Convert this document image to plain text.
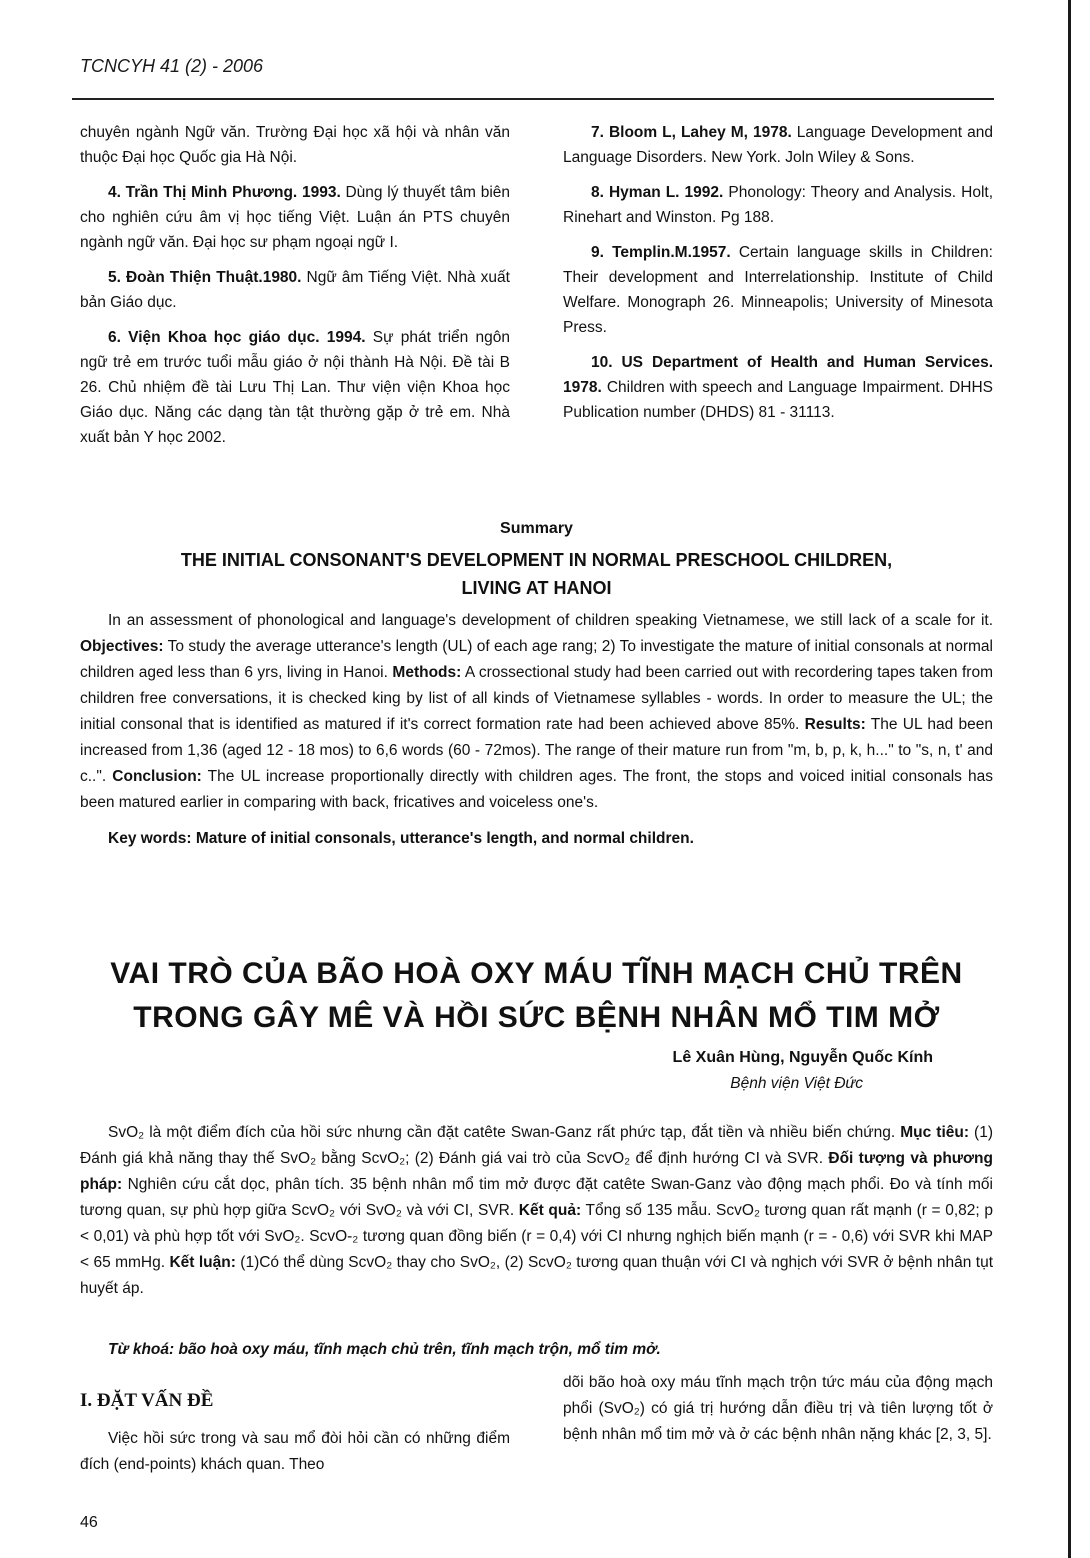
TCNCYH 41 (2) - 2006

chuyên ngành Ngữ văn. Trường Đại học xã hội và nhân văn thuộc Đại học Quốc gia Hà Nội.

4. Trần Thị Minh Phương. 1993. Dùng lý thuyết tâm biên cho nghiên cứu âm vị học tiếng Việt. Luận án PTS chuyên ngành ngữ văn. Đại học sư phạm ngoại ngữ I.

5. Đoàn Thiện Thuật.1980. Ngữ âm Tiếng Việt. Nhà xuất bản Giáo dục.

6. Viện Khoa học giáo dục. 1994. Sự phát triển ngôn ngữ trẻ em trước tuổi mẫu giáo ở nội thành Hà Nội. Đề tài B 26. Chủ nhiệm đề tài Lưu Thị Lan. Thư viện viện Khoa học Giáo dục. Năng các dạng tàn tật thường gặp ở trẻ em. Nhà xuất bản Y học 2002.

7. Bloom L, Lahey M, 1978. Language Development and Language Disorders. New York. Joln Wiley & Sons.

8. Hyman L. 1992. Phonology: Theory and Analysis. Holt, Rinehart and Winston. Pg 188.

9. Templin.M.1957. Certain language skills in Children: Their development and Interrelationship. Institute of Child Welfare. Monograph 26. Minneapolis; University of Minesota Press.

10. US Department of Health and Human Services. 1978. Children with speech and Language Impairment. DHHS Publication number (DHDS) 81 - 31113.

Summary
THE INITIAL CONSONANT'S DEVELOPMENT IN NORMAL PRESCHOOL CHILDREN,
LIVING AT HANOI

In an assessment of phonological and language's development of children speaking Vietnamese, we still lack of a scale for it. Objectives: To study the average utterance's length (UL) of each age rang; 2) To investigate the mature of initial consonals at normal children aged less than 6 yrs, living in Hanoi. Methods: A crossectional study had been carried out with recordering tapes taken from children free conversations, it is checked king by list of all kinds of Vietnamese syllables - words. In order to measure the UL; the initial consonal that is identified as matured if it's correct formation rate had been achieved above 85%. Results: The UL had been increased from 1,36 (aged 12 - 18 mos) to 6,6 words (60 - 72mos). The range of their mature run from "m, b, p, k, h..." to "s, n, t' and c..". Conclusion: The UL increase proportionally directly with children ages. The front, the stops and voiced initial consonals has been matured earlier in comparing with back, fricatives and voiceless one's.

Key words: Mature of initial consonals, utterance's length, and normal children.

VAI TRÒ CỦA BÃO HOÀ OXY MÁU TĨNH MẠCH CHỦ TRÊN
TRONG GÂY MÊ VÀ HỒI SỨC BỆNH NHÂN MỔ TIM MỞ
Lê Xuân Hùng, Nguyễn Quốc Kính
Bệnh viện Việt Đức

SvO₂ là một điểm đích của hồi sức nhưng cần đặt catête Swan-Ganz rất phức tạp, đắt tiền và nhiều biến chứng. Mục tiêu: (1) Đánh giá khả năng thay thế SvO₂ bằng ScvO₂; (2) Đánh giá vai trò của ScvO₂ để định hướng CI và SVR. Đối tượng và phương pháp: Nghiên cứu cắt dọc, phân tích. 35 bệnh nhân mổ tim mở được đặt catête Swan-Ganz vào động mạch phổi. Đo và tính mối tương quan, sự phù hợp giữa ScvO₂ với SvO₂ và với CI, SVR. Kết quả: Tổng số 135 mẫu. ScvO₂ tương quan rất mạnh (r = 0,82; p < 0,01) và phù hợp tốt với SvO₂. ScvO-₂ tương quan đồng biến (r = 0,4) với CI nhưng nghịch biến mạnh (r = - 0,6) với SVR khi MAP < 65 mmHg. Kết luận: (1)Có thể dùng ScvO₂ thay cho SvO₂, (2) ScvO₂ tương quan thuận với CI và nghịch với SVR ở bệnh nhân tụt huyết áp.

Từ khoá: bão hoà oxy máu, tĩnh mạch chủ trên, tĩnh mạch trộn, mổ tim mở.

I. ĐẶT VẤN ĐỀ

Việc hồi sức trong và sau mổ đòi hỏi cần có những điểm đích (end-points) khách quan. Theo

dõi bão hoà oxy máu tĩnh mạch trộn tức máu của động mạch phổi (SvO₂) có giá trị hướng dẫn điều trị và tiên lượng tốt ở bệnh nhân mổ tim mở và ở các bệnh nhân nặng khác [2, 3, 5].

46
